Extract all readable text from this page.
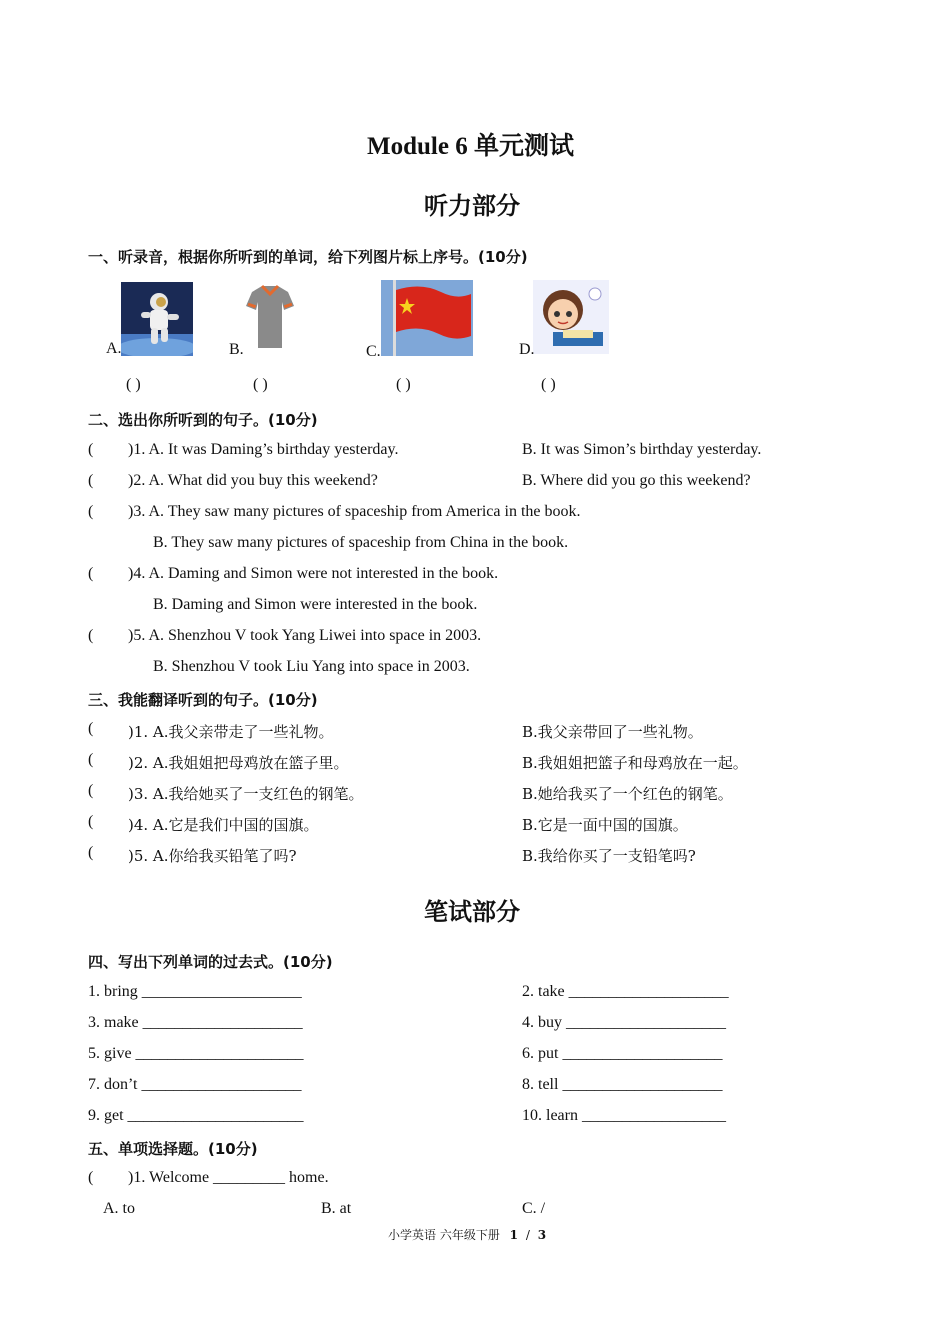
Module 6 单元测试
听力部分
一、听录音，根据你所听到的单词，给下列图片标上序号。(10分)
A.	B.	C.	D.
( )	( )	( )	( )
二、选出你所听到的句子。(10分)
( )1. A. It was Daming’s birthday yesterday.	B. It was Simon’s birthday yesterday.
( )2. A. What did you buy this weekend?	B. Where did you go this weekend?
( )3. A. They saw many pictures of spaceship from America in the book.
B. They saw many pictures of spaceship from China in the book.
( )4. A. Daming and Simon were not interested in the book.
B. Daming and Simon were interested in the book.
( )5. A. Shenzhou V took Yang Liwei into space in 2003.
B. Shenzhou V took Liu Yang into space in 2003.
三、我能翻译听到的句子。(10分)
( )1. A.我父亲带走了一些礼物。	B.我父亲带回了一些礼物。
( )2. A.我姐姐把母鸡放在篮子里。	B.我姐姐把篮子和母鸡放在一起。
( )3. A.我给她买了一支红色的钢笔。	B.她给我买了一个红色的钢笔。
( )4. A.它是我们中国的国旗。	B.它是一面中国的国旗。
( )5. A.你给我买铅笔了吗?	B.我给你买了一支铅笔吗?
笔试部分
四、写出下列单词的过去式。(10分)
1. bring ____________________	2. take ____________________
3. make ____________________	4. buy ____________________
5. give _____________________	6. put ____________________
7. don’t ____________________	8. tell ____________________
9. get ______________________	10. learn __________________
五、单项选择题。(10分)
( )1. Welcome _________ home.
A. to	B. at	C. /
小学英语 六年级下册 1 / 3
